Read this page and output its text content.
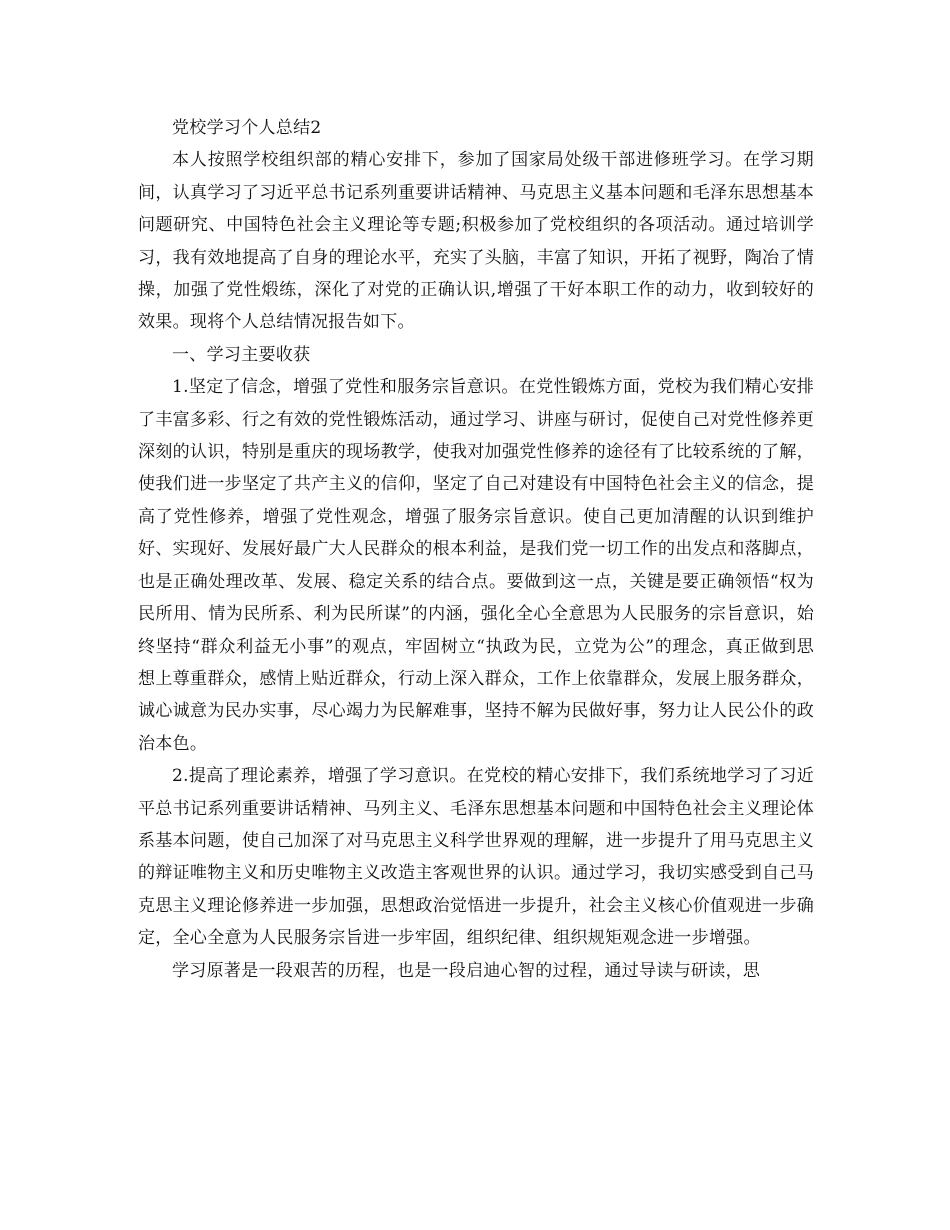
党校学习个人总结2

本人按照学校组织部的精心安排下，参加了国家局处级干部进修班学习。在学习期间，认真学习了习近平总书记系列重要讲话精神、马克思主义基本问题和毛泽东思想基本问题研究、中国特色社会主义理论等专题;积极参加了党校组织的各项活动。通过培训学习，我有效地提高了自身的理论水平，充实了头脑，丰富了知识，开拓了视野，陶冶了情操，加强了党性煅练，深化了对党的正确认识,增强了干好本职工作的动力，收到较好的效果。现将个人总结情况报告如下。

一、学习主要收获

1.坚定了信念，增强了党性和服务宗旨意识。在党性锻炼方面，党校为我们精心安排了丰富多彩、行之有效的党性锻炼活动，通过学习、讲座与研讨，促使自己对党性修养更深刻的认识，特别是重庆的现场教学，使我对加强党性修养的途径有了比较系统的了解，使我们进一步坚定了共产主义的信仰，坚定了自己对建设有中国特色社会主义的信念，提高了党性修养，增强了党性观念，增强了服务宗旨意识。使自己更加清醒的认识到维护好、实现好、发展好最广大人民群众的根本利益，是我们党一切工作的出发点和落脚点，也是正确处理改革、发展、稳定关系的结合点。要做到这一点，关键是要正确领悟“权为民所用、情为民所系、利为民所谋”的内涵，强化全心全意思为人民服务的宗旨意识，始终坚持“群众利益无小事”的观点，牢固树立“执政为民，立党为公”的理念，真正做到思想上尊重群众，感情上贴近群众，行动上深入群众，工作上依靠群众，发展上服务群众，诚心诚意为民办实事，尽心竭力为民解难事，坚持不解为民做好事，努力让人民公仆的政治本色。

2.提高了理论素养，增强了学习意识。在党校的精心安排下，我们系统地学习了习近平总书记系列重要讲话精神、马列主义、毛泽东思想基本问题和中国特色社会主义理论体系基本问题，使自己加深了对马克思主义科学世界观的理解，进一步提升了用马克思主义的辩证唯物主义和历史唯物主义改造主客观世界的认识。通过学习，我切实感受到自己马克思主义理论修养进一步加强，思想政治觉悟进一步提升，社会主义核心价值观进一步确定，全心全意为人民服务宗旨进一步牢固，组织纪律、组织规矩观念进一步增强。

学习原著是一段艰苦的历程，也是一段启迪心智的过程，通过导读与研读，思
